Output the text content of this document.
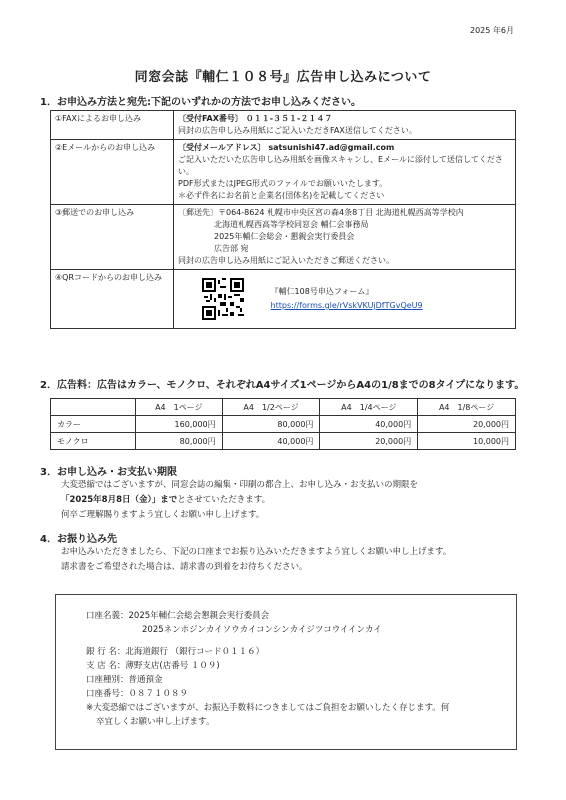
2025 年6月
同窓会誌『輔仁１０８号』広告申し込みについて
1．お申込み方法と宛先:下記のいずれかの方法でお申し込みください。
①FAXによるお申し込み	〔受付FAX番号〕 ０１１-３５１-２１４７
同封の広告申し込み用紙にご記入いただきFAX送信してください。

②Eメールからのお申し込み	〔受付メールアドレス〕 satsunishi47.ad@gmail.com
ご記入いただいた広告申し込み用紙を画像スキャンし、Eメールに添付して送信してください。
PDF形式またはJPEG形式のファイルでお願いいたします。
＊必ず件名にお名前と企業名(団体名)を記載してください

③郵送でのお申し込み	〔郵送先〕〒064-8624 札幌市中央区宮の森4条8丁目 北海道札幌西高等学校内
北海道札幌西高等学校同窓会 輔仁会事務局
2025年輔仁会総会・懇親会実行委員会
広告部 宛
同封の広告申し込み用紙にご記入いただきご郵送ください。

④QRコードからのお申し込み	『輔仁108号申込フォーム』
https://forms.gle/rVskVKUjDfTGvQeU9
2．広告料：広告はカラー、モノクロ、それぞれA4サイズ1ページからA4の1/8までの8タイプになります。
	A4　1ページ	A4　1/2ページ	A4　1/4ページ	A4　1/8ページ
カラー	160,000円	80,000円	40,000円	20,000円
モノクロ	80,000円	40,000円	20,000円	10,000円
3．お申し込み・お支払い期限
大変恐縮ではございますが、同窓会誌の編集・印刷の都合上、お申し込み・お支払いの期限を
「2025年8月8日（金）」までとさせていただきます。
何卒ご理解賜りますよう宜しくお願い申し上げます。
4．お振り込み先
お申込みいただきましたら、下記の口座までお振り込みいただきますよう宜しくお願い申し上げます。
請求書をご希望された場合は、請求書の到着をお待ちください。
口座名義：2025年輔仁会総会懇親会実行委員会
2025ネンホジンカイソウカイコンシンカイジツコウイインカイ
銀 行 名：北海道銀行 （銀行コード０１１６）
支 店 名：薄野支店(店番号 １０９)
口座種別：普通預金
口座番号：０８７１０８９
※大変恐縮ではございますが、お振込手数料につきましてはご負担をお願いしたく存じます。何
卒宜しくお願い申し上げます。
